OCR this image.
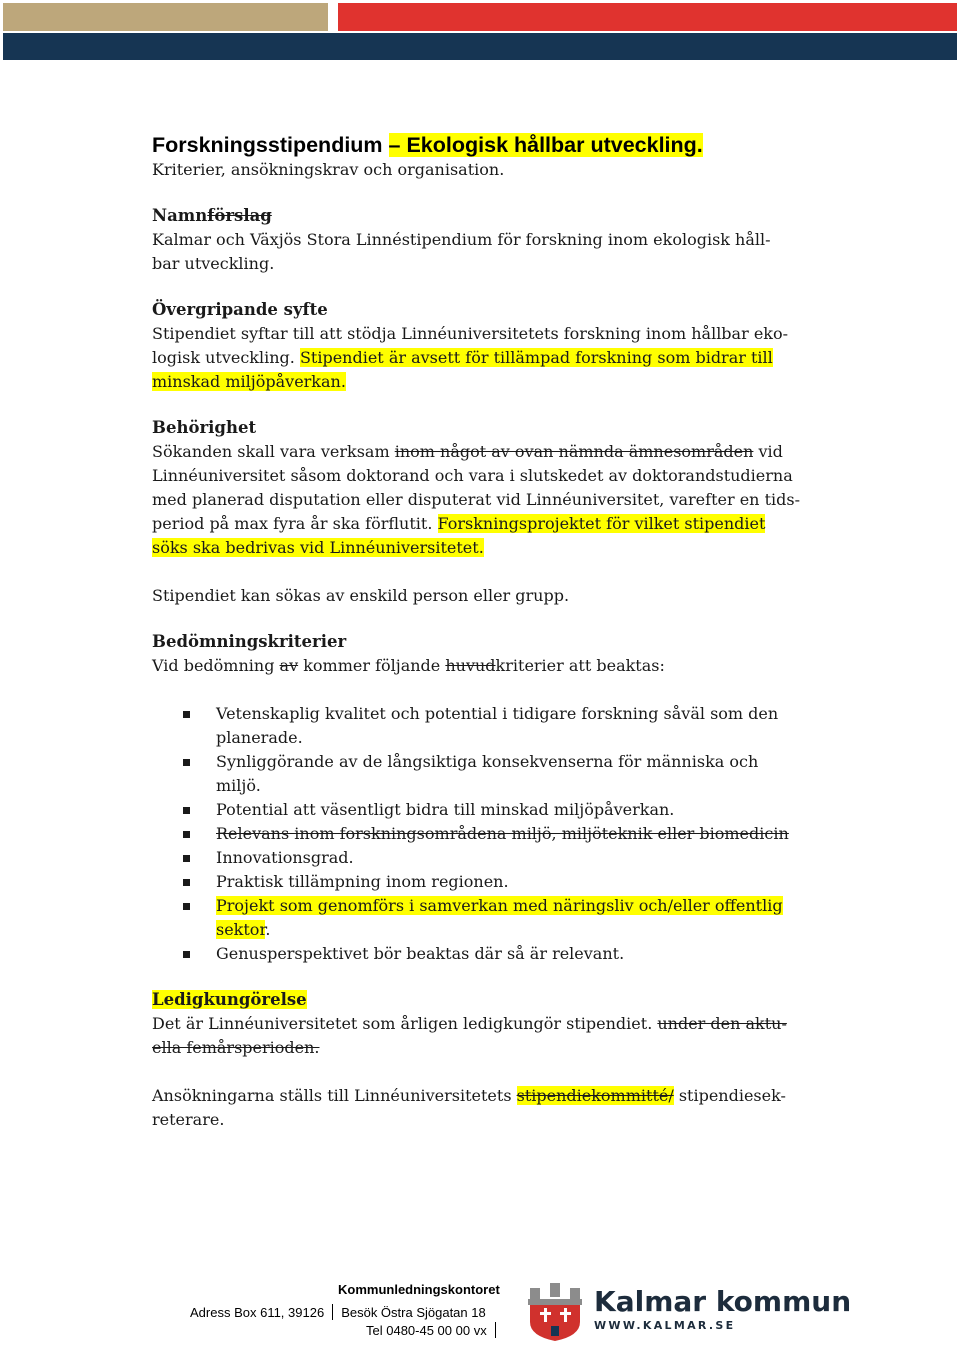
Forskningsstipendium – Ekologisk hållbar utveckling.

Kriterier, ansökningskrav och organisation.

Namnförslag

Kalmar och Växjös Stora Linnéstipendium för forskning inom ekologisk håll-

bar utveckling.

Övergripande syfte

Stipendiet syftar till att stödja Linnéuniversitetets forskning inom hållbar eko-

logisk utveckling. Stipendiet är avsett för tillämpad forskning som bidrar till

minskad miljöpåverkan.

Behörighet

Sökanden skall vara verksam inom något av ovan nämnda ämnesområden vid

Linnéuniversitet såsom doktorand och vara i slutskedet av doktorandstudierna

med planerad disputation eller disputerat vid Linnéuniversitet, varefter en tids-

period på max fyra år ska förflutit. Forskningsprojektet för vilket stipendiet

söks ska bedrivas vid Linnéuniversitetet.

Stipendiet kan sökas av enskild person eller grupp.

Bedömningskriterier

Vid bedömning av kommer följande huvudkriterier att beaktas:

Vetenskaplig kvalitet och potential i tidigare forskning såväl som den
planerade.
Synliggörande av de långsiktiga konsekvenserna för människa och
miljö.
Potential att väsentligt bidra till minskad miljöpåverkan.
Relevans inom forskningsområdena miljö, miljöteknik eller biomedicin
Innovationsgrad.
Praktisk tillämpning inom regionen.
Projekt som genomförs i samverkan med näringsliv och/eller offentlig
sektor.
Genusperspektivet bör beaktas där så är relevant.

Ledigkungörelse

Det är Linnéuniversitetet som årligen ledigkungör stipendiet. under den aktu-

ella femårsperioden.

Ansökningarna ställs till Linnéuniversitetets stipendiekommitté/ stipendiesek-

reterare.

Kommunledningskontoret
Adress Box 611, 39126 Besök Östra Sjögatan 18
Tel 0480-45 00 00 vx
Kalmar kommun
WWW.KALMAR.SE
